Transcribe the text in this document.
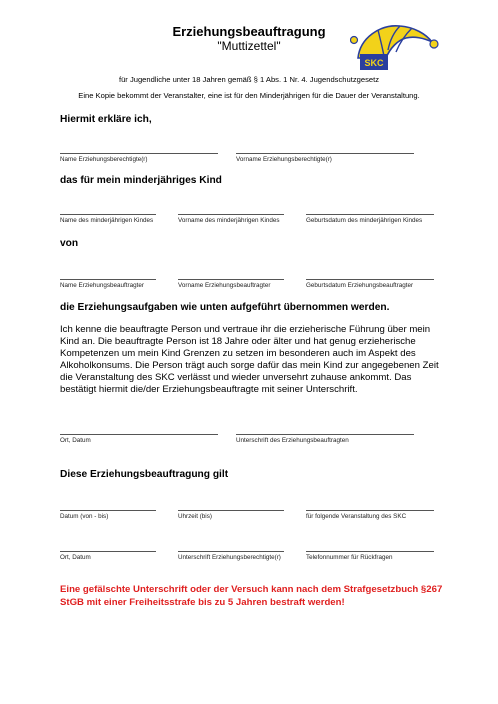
Erziehungsbeauftragung
"Muttizettel"
SKC
für Jugendliche unter 18 Jahren gemäß § 1 Abs. 1 Nr. 4. Jugendschutzgesetz
Eine Kopie bekommt der Veranstalter, eine ist für den Minderjährigen für die Dauer der Veranstaltung.
Hiermit erkläre ich,
Name Erziehungsberechtigte(r)	Vorname Erziehungsberechtigte(r)
das für mein minderjähriges Kind
Name des minderjährigen Kindes	Vorname des minderjährigen Kindes	Geburtsdatum des minderjährigen Kindes
von
Name Erziehungsbeauftragter	Vorname Erziehungsbeauftragter	Geburtsdatum Erziehungsbeauftragter
die Erziehungsaufgaben wie unten aufgeführt übernommen werden.
Ich kenne die beauftragte Person und vertraue ihr die erzieherische Führung über mein Kind an. Die beauftragte Person ist 18 Jahre oder älter und hat genug erzieherische Kompetenzen um mein Kind Grenzen zu setzen im besonderen auch im Aspekt des Alkoholkonsums. Die Person trägt auch sorge dafür das mein Kind zur angegebenen Zeit die Veranstaltung des SKC verlässt und wieder unversehrt zuhause ankommt. Das bestätigt hiermit die/der Erziehungsbeauftragte mit seiner Unterschrift.
Ort, Datum	Unterschrift des Erziehungsbeauftragten
Diese Erziehungsbeauftragung gilt
Datum (von - bis)	Uhrzeit (bis)	für folgende Veranstaltung des SKC
Ort, Datum	Unterschrift Erziehungsberechtigte(r)	Telefonnummer für Rückfragen
Eine gefälschte Unterschrift oder der Versuch kann nach dem Strafgesetzbuch §267 StGB mit einer Freiheitsstrafe bis zu 5 Jahren bestraft werden!
